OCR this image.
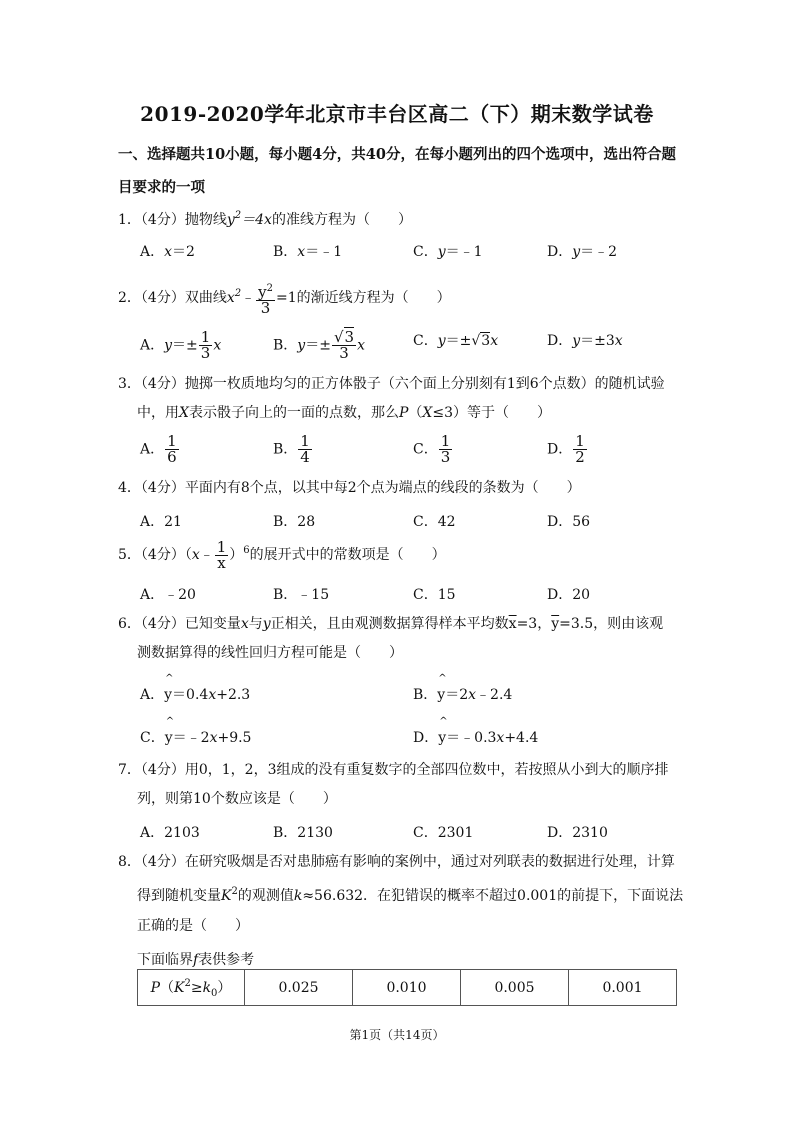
2019-2020学年北京市丰台区高二（下）期末数学试卷
一、选择题共10小题，每小题4分，共40分，在每小题列出的四个选项中，选出符合题
目要求的一项
1．（4分）抛物线$y^2=4x$的准线方程为（　　）
A．x＝2	B．x＝﹣1	C．y＝﹣1	D．y＝﹣2
2．（4分）双曲线$x^2﹣ \frac{y^2}{3} =1$的渐近线方程为（　　）
A．$y=\pm \frac{1}{3}$ x	B．$y=\pm \frac{√3}{3}$ x	C．y＝±√3x	D．y＝±3x
3．（4分）抛掷一枚质地均匀的正方体骰子（六个面上分别刻有1到6个点数）的随机试验
中，用X表示骰子向上的一面的点数，那么P（X≤3）等于（　　）
A． $\frac{1}{6}$	B． $\frac{1}{4}$	C． $\frac{1}{3}$	D． $\frac{1}{2}$
4．（4分）平面内有8个点，以其中每2个点为端点的线段的条数为（　　）
A．21	B．28	C．42	D．56
5．（4分）（x﹣ $\frac{1}{x} )^6$的展开式中的常数项是（　　）
A．﹣20	B．﹣15	C．15	D．20
6．（4分）已知变量x与y正相关，且由观测数据算得样本平均数$\overline{x}=3$，$\overline{y}=3.5$，则由该观
测数据算得的线性回归方程可能是（　　）
A．^ y＝0.4x+2.3	B．^ y＝2x﹣2.4
C．^ y＝﹣2x+9.5	D．^ y＝﹣0.3x+4.4
7．（4分）用0，1，2，3组成的没有重复数字的全部四位数中，若按照从小到大的顺序排
列，则第10个数应该是（　　）
A．2103	B．2130	C．2301	D．2310
8．（4分）在研究吸烟是否对患肺癌有影响的案例中，通过对列联表的数据进行处理，计算
得到随机变量$K^2$的观测值k≈56.632．在犯错误的概率不超过0.001的前提下，下面说法
正确的是（　　）
下面临界f表供参考
$P(K^2\ge k_0)$	0.025	0.010	0.005	0.001
第1页（共14页）
